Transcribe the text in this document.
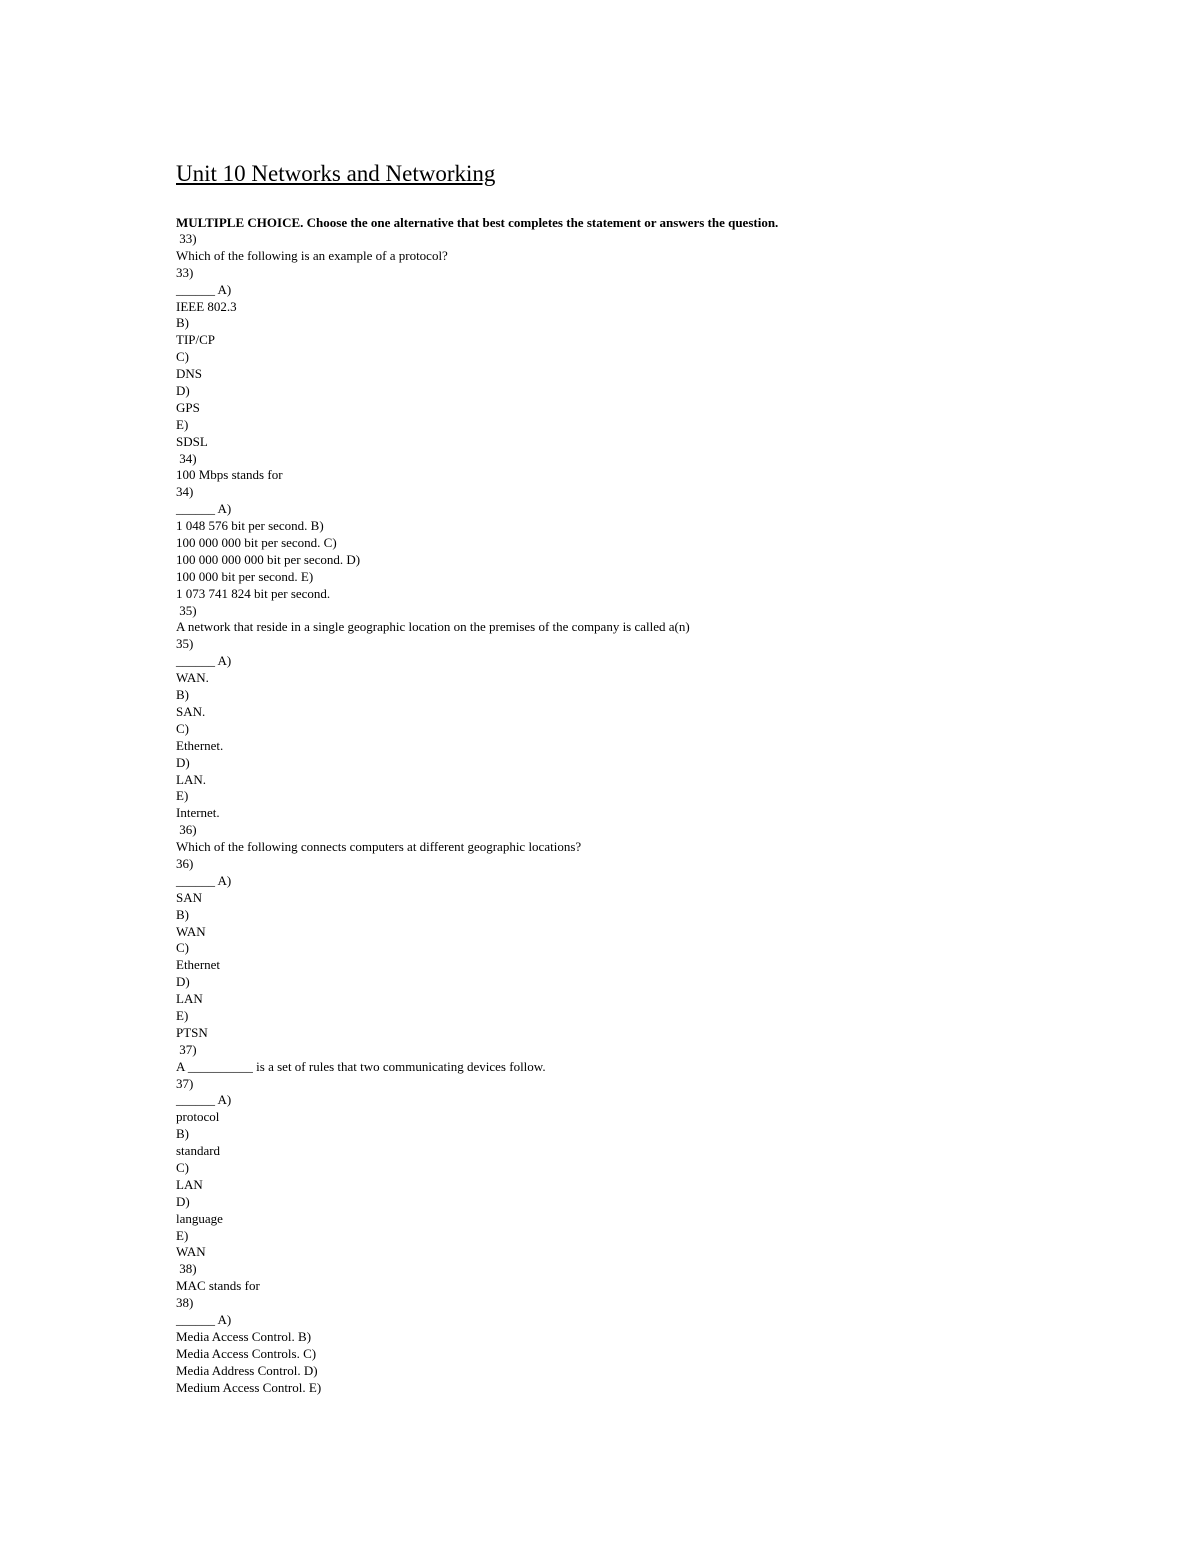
Unit 10 Networks and Networking
MULTIPLE CHOICE. Choose the one alternative that best completes the statement or answers the question.
33)
Which of the following is an example of a protocol?
33)
______ A)
IEEE 802.3
B)
TIP/CP
C)
DNS
D)
GPS
E)
SDSL
34)
100 Mbps stands for
34)
______ A)
1 048 576 bit per second. B)
100 000 000 bit per second. C)
100 000 000 000 bit per second. D)
100 000 bit per second. E)
1 073 741 824 bit per second.
35)
A network that reside in a single geographic location on the premises of the company is called a(n)
35)
______ A)
WAN.
B)
SAN.
C)
Ethernet.
D)
LAN.
E)
Internet.
36)
Which of the following connects computers at different geographic locations?
36)
______ A)
SAN
B)
WAN
C)
Ethernet
D)
LAN
E)
PTSN
37)
A __________ is a set of rules that two communicating devices follow.
37)
______ A)
protocol
B)
standard
C)
LAN
D)
language
E)
WAN
38)
MAC stands for
38)
______ A)
Media Access Control. B)
Media Access Controls. C)
Media Address Control. D)
Medium Access Control. E)
